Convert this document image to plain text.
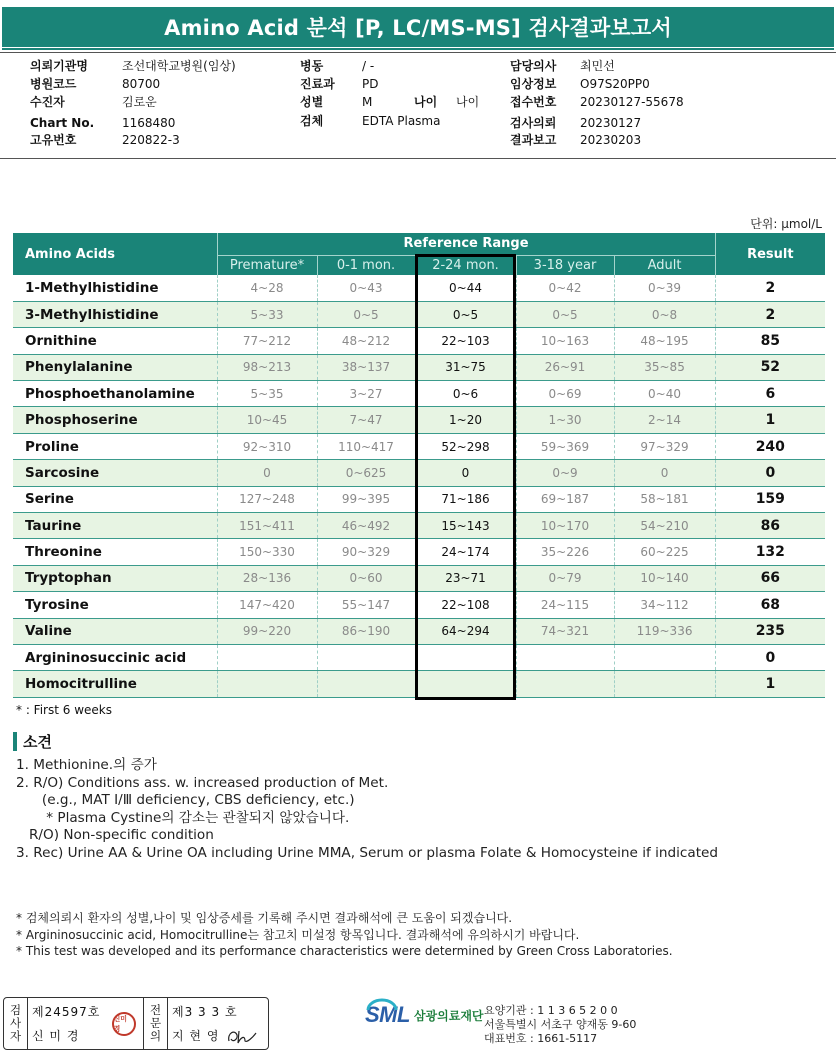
Amino Acid 분석 [P, LC/MS-MS] 검사결과보고서
의뢰기관명	조선대학교병원(임상)
병원코드	80700
수진자	김로운
Chart No. 1168480
고유번호	220822-3
병동	/ -
진료과 PD
성별	M	나이 나이
검체	EDTA Plasma
담당의사 최민선
임상정보 O97S20PP0
접수번호 20230127-55678
검사의뢰 20230127
결과보고 20230203
단위: μmol/L
Amino Acids	Reference Range					Result
	Premature*	0-1 mon.	2-24 mon.	3-18 year	Adult	
1-Methylhistidine	4~28	0~43	0~44	0~42	0~39	2
3-Methylhistidine	5~33	0~5	0~5	0~5	0~8	2
Ornithine	77~212	48~212	22~103	10~163	48~195	85
Phenylalanine	98~213	38~137	31~75	26~91	35~85	52
Phosphoethanolamine	5~35	3~27	0~6	0~69	0~40	6
Phosphoserine	10~45	7~47	1~20	1~30	2~14	1
Proline	92~310	110~417	52~298	59~369	97~329	240
Sarcosine	0	0~625	0	0~9	0	0
Serine	127~248	99~395	71~186	69~187	58~181	159
Taurine	151~411	46~492	15~143	10~170	54~210	86
Threonine	150~330	90~329	24~174	35~226	60~225	132
Tryptophan	28~136	0~60	23~71	0~79	10~140	66
Tyrosine	147~420	55~147	22~108	24~115	34~112	68
Valine	99~220	86~190	64~294	74~321	119~336	235
Argininosuccinic acid						0
Homocitrulline						1
* : First 6 weeks
소견
1. Methionine.의 증가
2. R/O) Conditions ass. w. increased production of Met.
(e.g., MAT Ⅰ/Ⅲ deficiency, CBS deficiency, etc.)
* Plasma Cystine의 감소는 관찰되지 않았습니다.
R/O) Non-specific condition
3. Rec) Urine AA & Urine OA including Urine MMA, Serum or plasma Folate & Homocysteine if indicated
* 검체의뢰시 환자의 성별,나이 및 임상증세를 기록해 주시면 결과해석에 큰 도움이 되겠습니다.
* Argininosuccinic acid, Homocitrulline는 참고치 미설정 항목입니다. 결과해석에 유의하시기 바랍니다.
* This test was developed and its performance characteristics were determined by Green Cross Laboratories.
검
사
자
제24597호
신 미 경
신미경
전
문
의
제3 3 3 호
지 현 영
SML 삼광의료재단 요양기관 : 1 1 3 6 5 2 0 0
서울특별시 서초구 양재동 9-60
대표번호 : 1661-5117
